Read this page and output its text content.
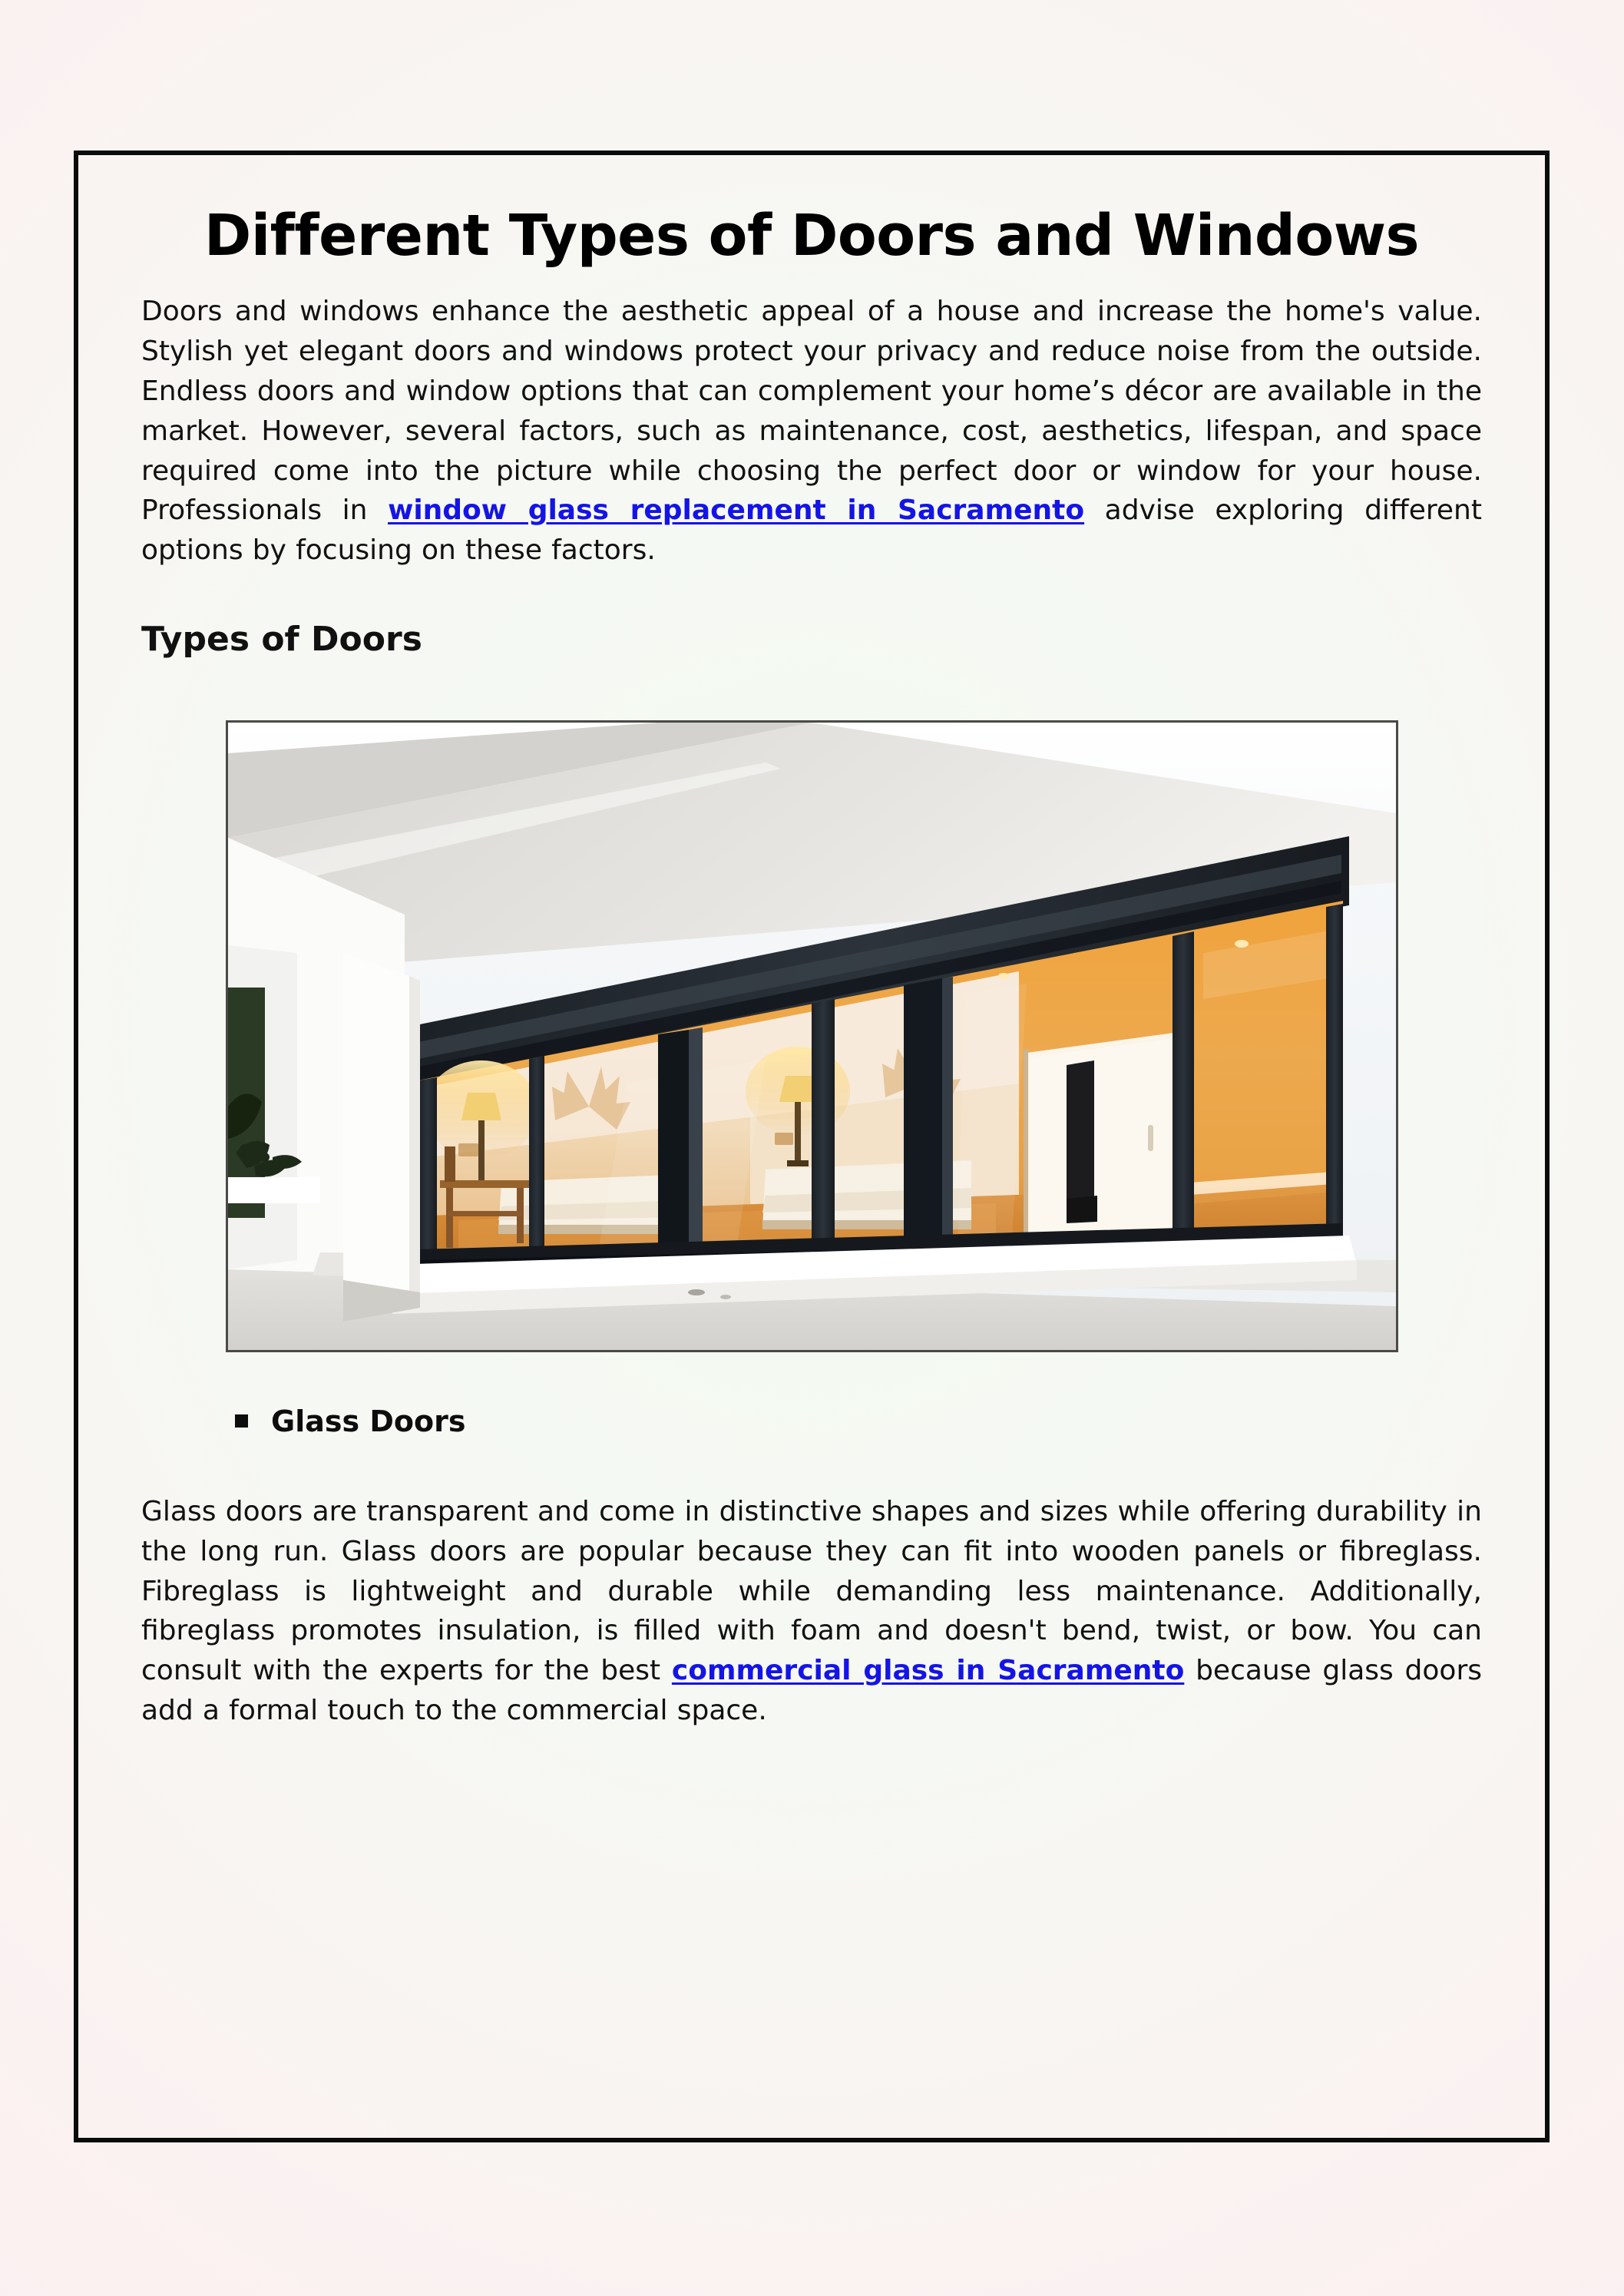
Different Types of Doors and Windows

Doors and windows enhance the aesthetic appeal of a house and increase the home's value. Stylish yet elegant doors and windows protect your privacy and reduce noise from the outside. Endless doors and window options that can complement your home’s décor are available in the market. However, several factors, such as maintenance, cost, aesthetics, lifespan, and space required come into the picture while choosing the perfect door or window for your house. Professionals in window glass replacement in Sacramento advise exploring different options by focusing on these factors.

Types of Doors
Glass Doors

Glass doors are transparent and come in distinctive shapes and sizes while offering durability in the long run. Glass doors are popular because they can fit into wooden panels or fibreglass. Fibreglass is lightweight and durable while demanding less maintenance. Additionally, fibreglass promotes insulation, is filled with foam and doesn't bend, twist, or bow. You can consult with the experts for the best commercial glass in Sacramento because glass doors add a formal touch to the commercial space.
